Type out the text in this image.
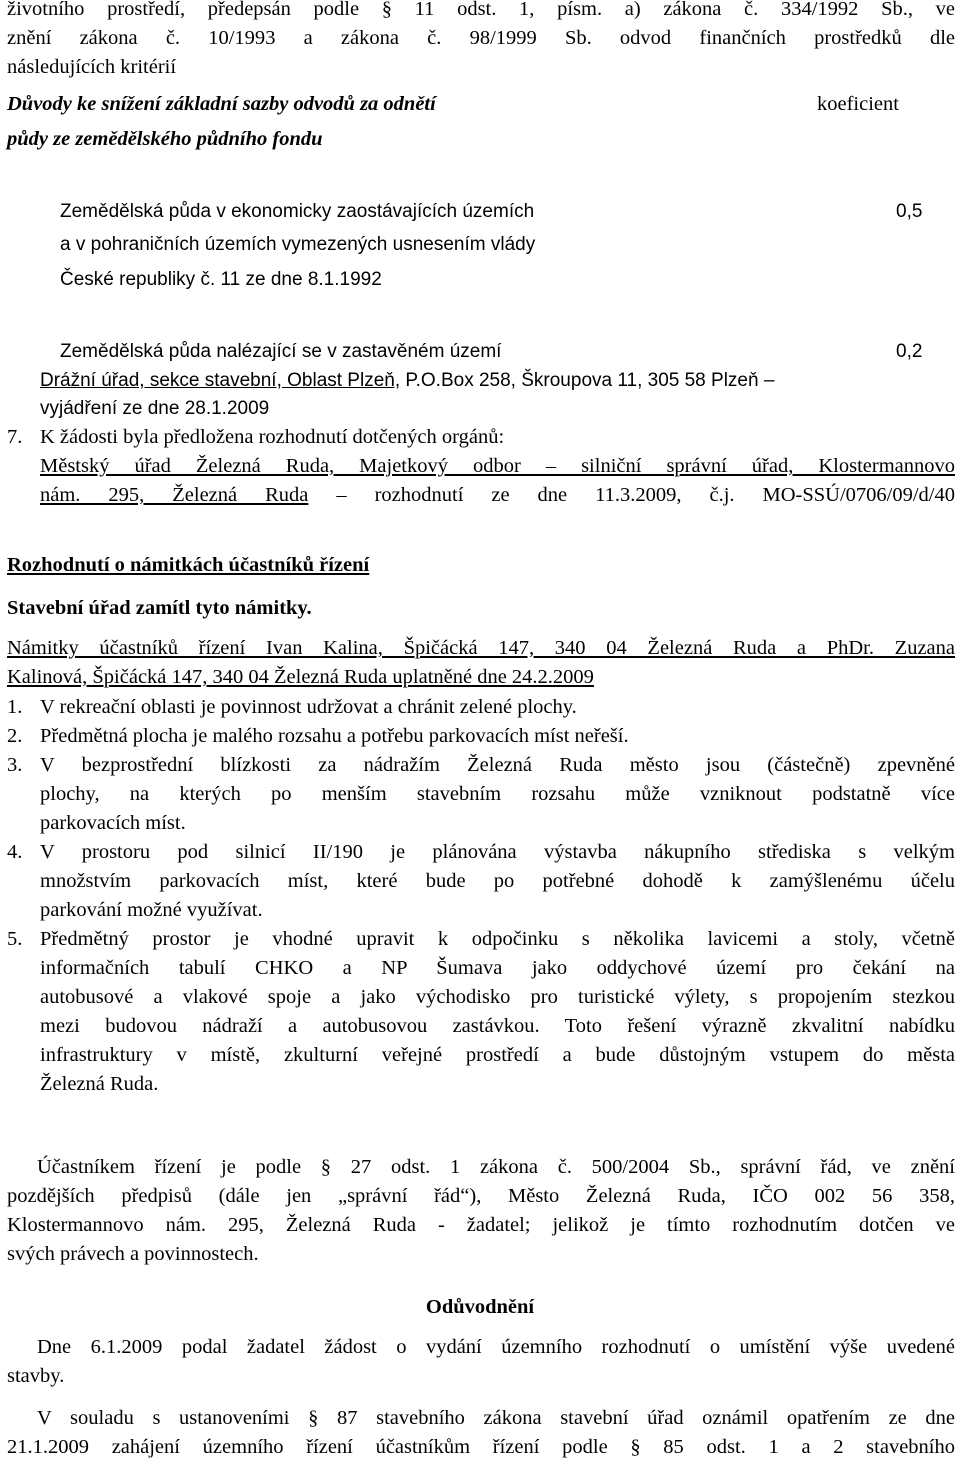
životního prostředí, předepsán podle § 11 odst. 1, písm. a) zákona č. 334/1992 Sb., ve

znění zákona č. 10/1993 a zákona č. 98/1999 Sb. odvod finančních prostředků dle

následujících kritérií

Důvody ke snížení základní sazby odvodů za odnětí

půdy ze zemědělského půdního fondu

koeficient

Zemědělská půda v ekonomicky zaostávajících územích

a v pohraničních územích vymezených usnesením vlády

České republiky č. 11 ze dne 8.1.1992

0,5

Zemědělská půda nalézající se v zastavěném území	0,2

Drážní úřad, sekce stavební, Oblast Plzeň, P.O.Box 258, Škroupova 11, 305 58 Plzeň –

vyjádření ze dne 28.1.2009

7. K žádosti byla předložena rozhodnutí dotčených orgánů:

Městský úřad Železná Ruda, Majetkový odbor – silniční správní úřad, Klostermannovo

nám. 295, Železná Ruda – rozhodnutí ze dne 11.3.2009, č.j. MO-SSÚ/0706/09/d/40

Rozhodnutí o námitkách účastníků řízení

Stavební úřad zamítl tyto námitky.

Námitky účastníků řízení Ivan Kalina, Špičácká 147, 340 04 Železná Ruda a PhDr. Zuzana

Kalinová, Špičácká 147, 340 04 Železná Ruda uplatněné dne 24.2.2009

1. V rekreační oblasti je povinnost udržovat a chránit zelené plochy.

2. Předmětná plocha je malého rozsahu a potřebu parkovacích míst neřeší.

3. V bezprostřední blízkosti za nádražím Železná Ruda město jsou (částečně) zpevněné

plochy, na kterých po menším stavebním rozsahu může vzniknout podstatně více

parkovacích míst.

4. V prostoru pod silnicí II/190 je plánována výstavba nákupního střediska s velkým

množstvím parkovacích míst, které bude po potřebné dohodě k zamýšlenému účelu

parkování možné využívat.

5. Předmětný prostor je vhodné upravit k odpočinku s několika lavicemi a stoly, včetně

informačních tabulí CHKO a NP Šumava jako oddychové území pro čekání na

autobusové a vlakové spoje a jako východisko pro turistické výlety, s propojením stezkou

mezi budovou nádraží a autobusovou zastávkou. Toto řešení výrazně zkvalitní nabídku

infrastruktury v místě, zkulturní veřejné prostředí a bude důstojným vstupem do města

Železná Ruda.

Účastníkem řízení je podle § 27 odst. 1 zákona č. 500/2004 Sb., správní řád, ve znění

pozdějších předpisů (dále jen „správní řád“), Město Železná Ruda, IČO 002 56 358,

Klostermannovo nám. 295, Železná Ruda - žadatel; jelikož je tímto rozhodnutím dotčen ve

svých právech a povinnostech.

Odůvodnění

Dne 6.1.2009 podal žadatel žádost o vydání územního rozhodnutí o umístění výše uvedené

stavby.

V souladu s ustanoveními § 87 stavebního zákona stavební úřad oznámil opatřením ze dne

21.1.2009 zahájení územního řízení účastníkům řízení podle § 85 odst. 1 a 2 stavebního
